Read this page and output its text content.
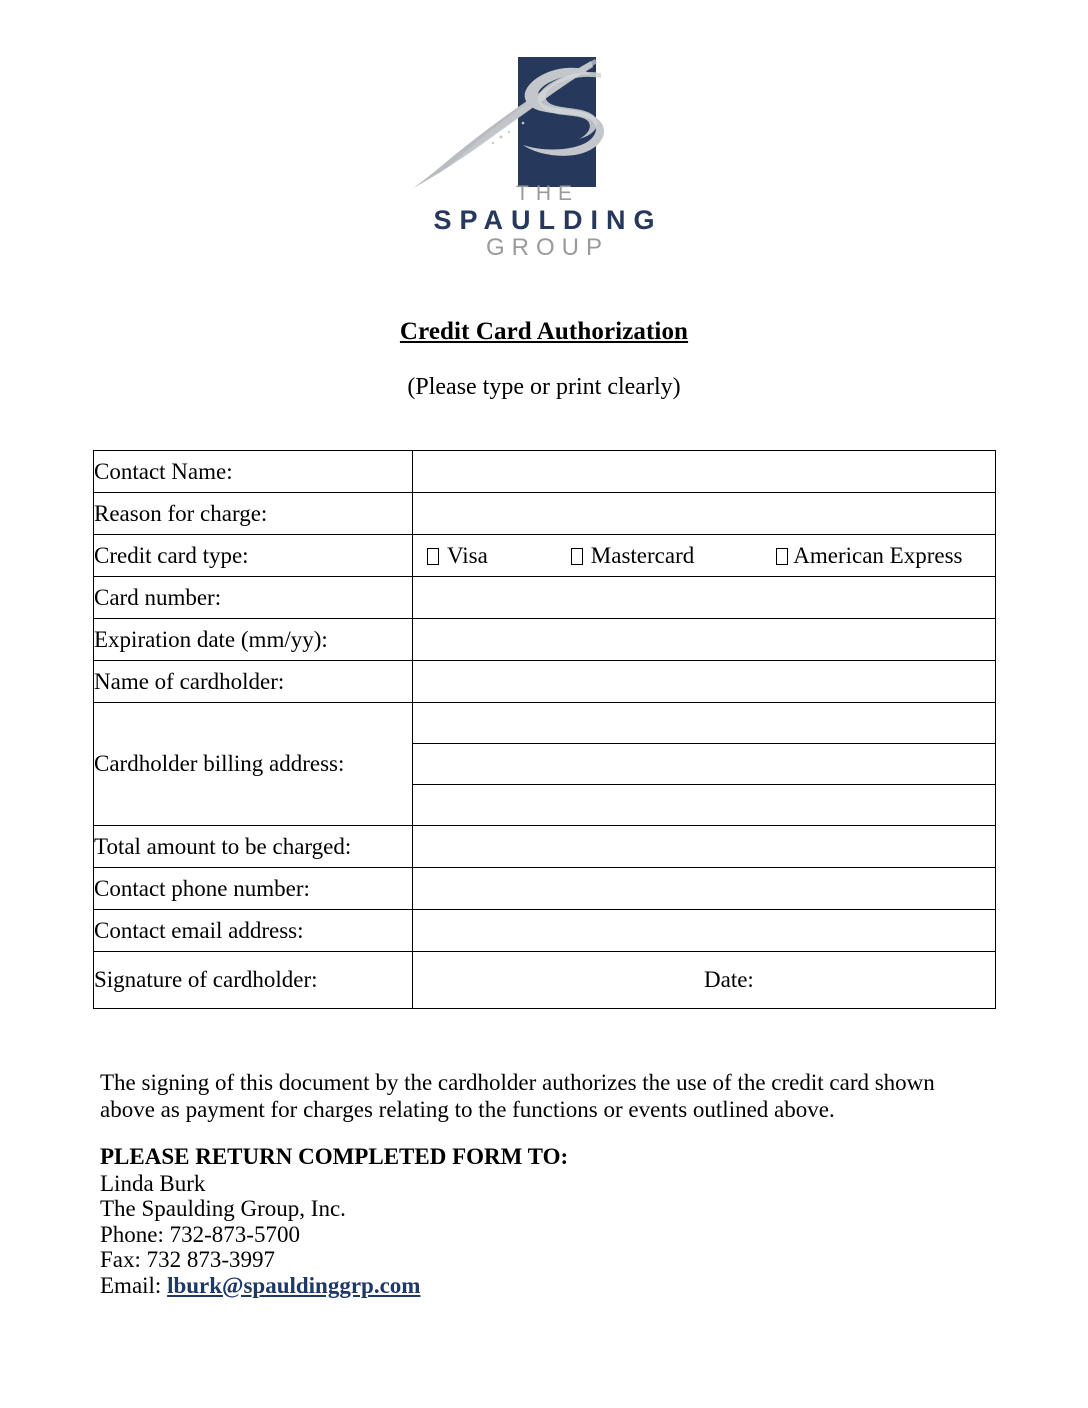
THE
SPAULDING
GROUP
Credit Card Authorization
(Please type or print clearly)
Contact Name:	
Reason for charge:	
Credit card type:	Visa Mastercard American Express

Card number:	
Expiration date (mm/yy):	
Name of cardholder:	
Cardholder billing address:	

Total amount to be charged:	
Contact phone number:	
Contact email address:	
Signature of cardholder:	Date:

The signing of this document by the cardholder authorizes the use of the credit card shown above as payment for charges relating to the functions or events outlined above.

PLEASE RETURN COMPLETED FORM TO:
Linda Burk
The Spaulding Group, Inc.
Phone: 732-873-5700
Fax: 732 873-3997
Email: lburk@spauldinggrp.com
